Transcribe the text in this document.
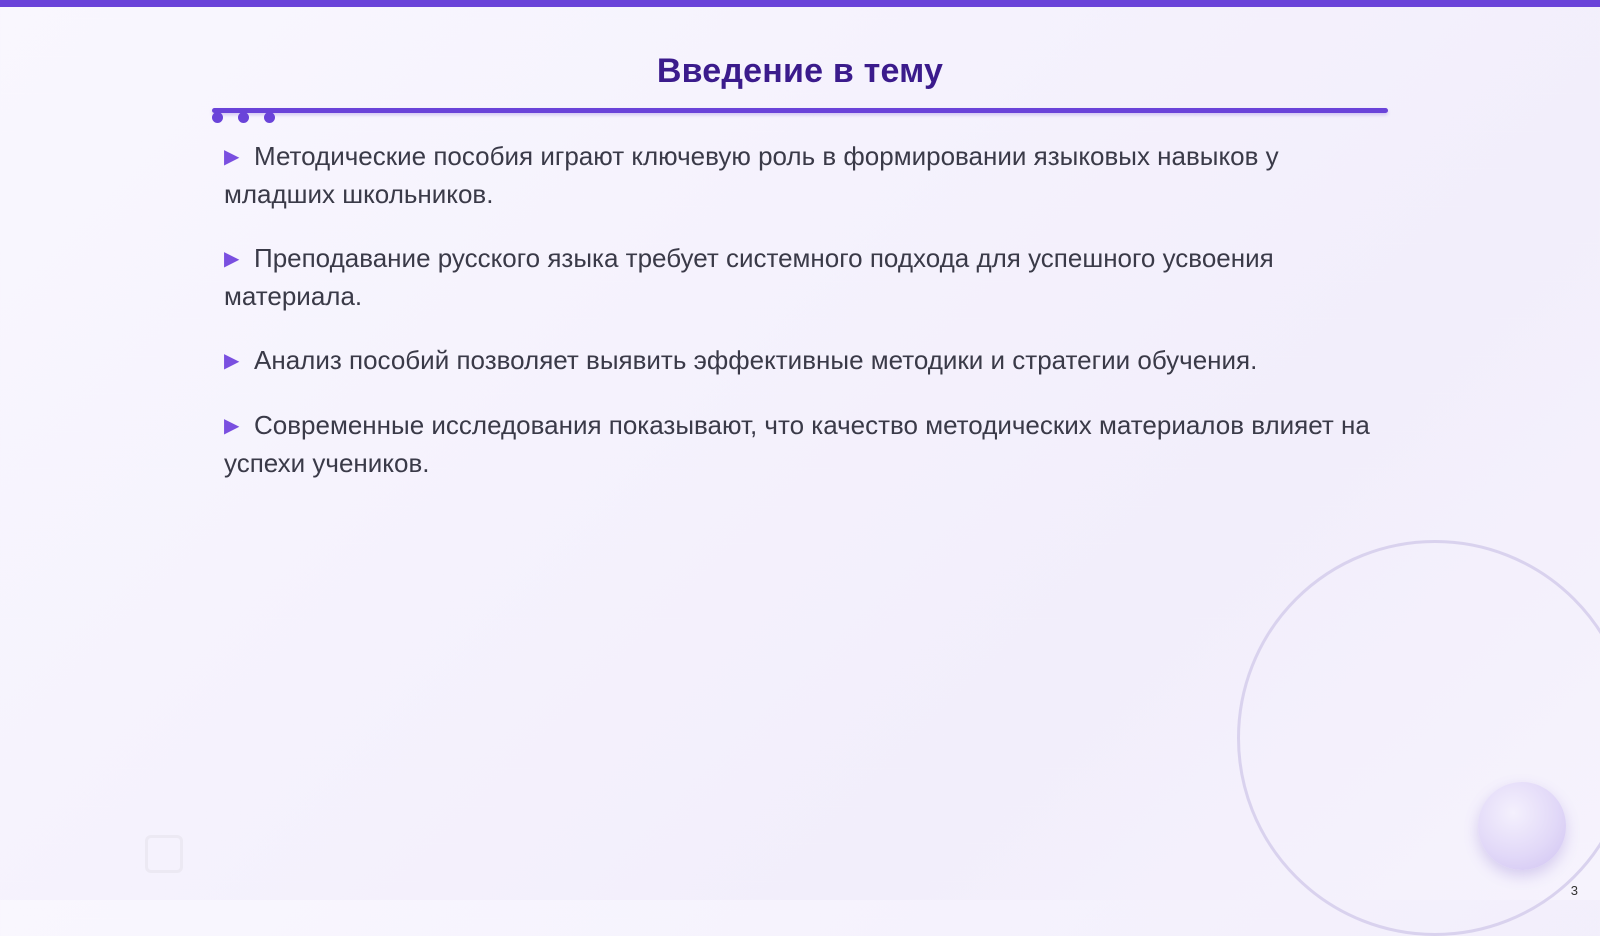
Введение в тему
▶ Методические пособия играют ключевую роль в формировании языковых навыков у младших школьников.
▶ Преподавание русского языка требует системного подхода для успешного усвоения материала.
▶ Анализ пособий позволяет выявить эффективные методики и стратегии обучения.
▶ Современные исследования показывают, что качество методических материалов влияет на успехи учеников.
3
